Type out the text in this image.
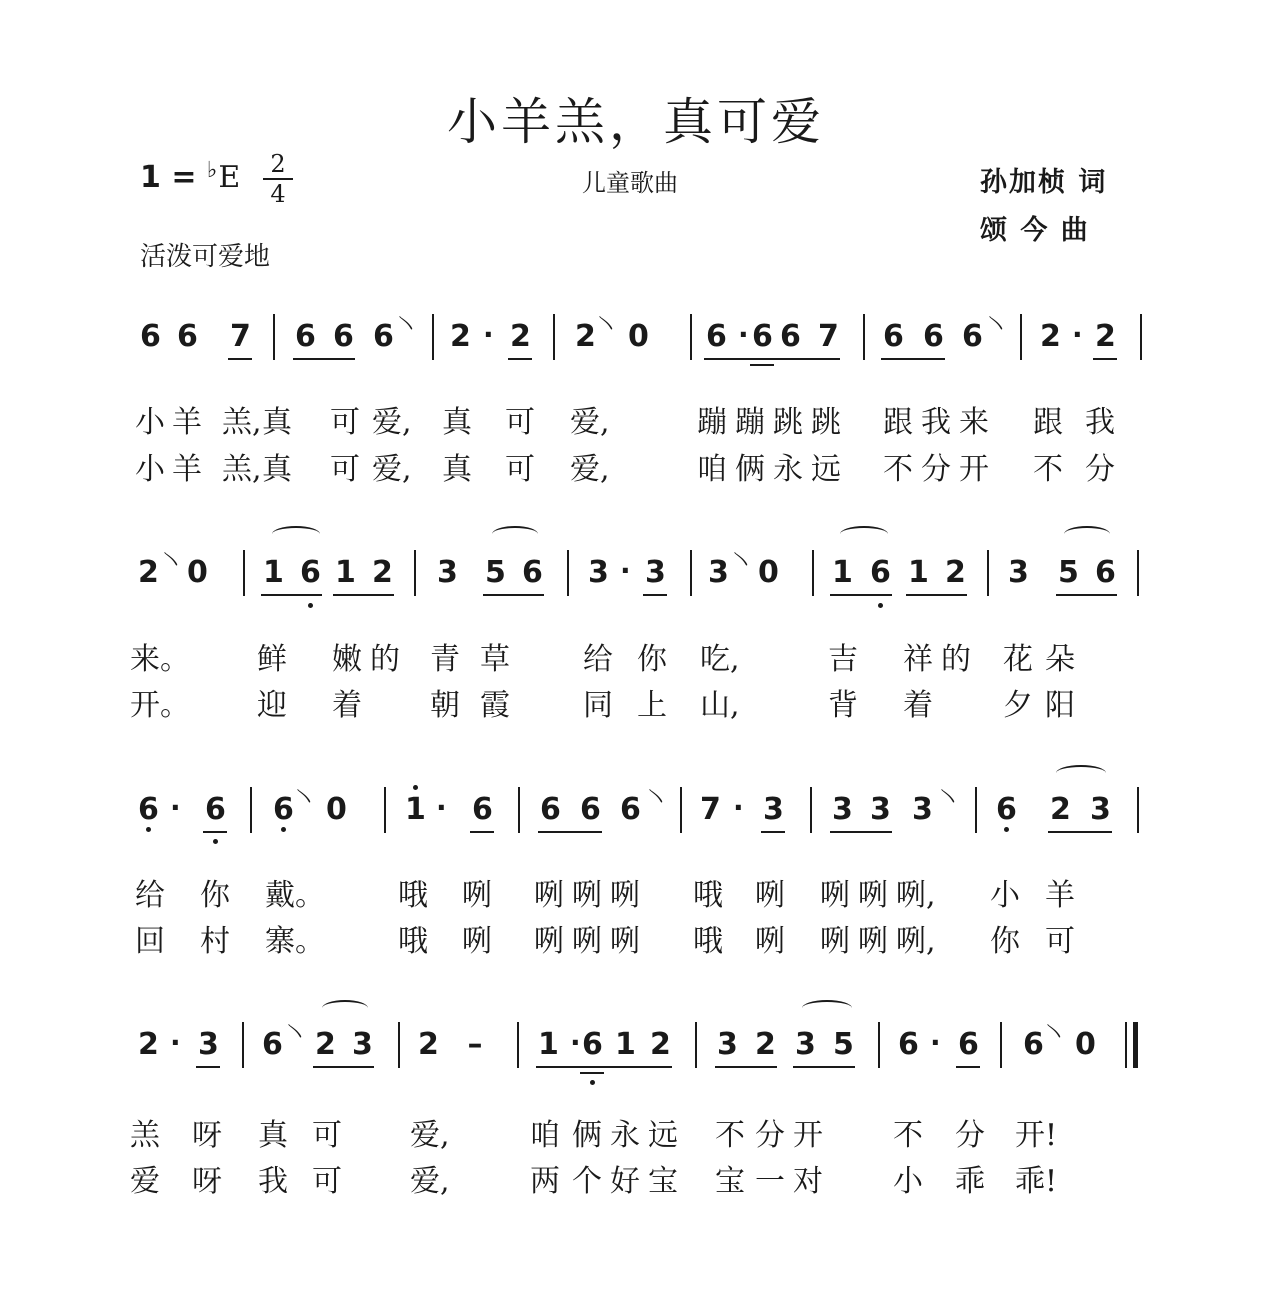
小羊羔，真可爱
1 = ♭E	2
4	儿童歌曲	孙加桢 词
颂 今 曲
活泼可爱地
6 6 7 6 6 6 〵 2 · 2 2 〵 0 6 · 6 6 7 6 6 6 〵 2 · 2
小 羊 羔, 真 可 爱, 真 可 爱,	蹦 蹦 跳 跳 跟 我 来 跟 我
小 羊 羔, 真 可 爱, 真 可 爱,	咱 俩 永 远 不 分 开 不 分
2 〵 0 1 6 1 2 3 5 6 3 · 3 3 〵 0 1 6 1 2 3 5 6
来。 鲜 嫩 的 青 草 给 你 吃,	吉 祥 的 花 朵
开。 迎 着 朝 霞 同 上 山,	背 着 夕 阳
6 · 6 6 〵 0 1 · 6 6 6 6 〵 7 · 3 3 3 3 〵 6 2 3
给 你 戴。 哦 咧 咧 咧 咧 哦 咧 咧 咧 咧, 小 羊
回 村 寨。 哦 咧 咧 咧 咧 哦 咧 咧 咧 咧, 你 可
2 · 3 6 〵 2 3 2 – 1 · 6 1 2 3 2 3 5 6 · 6 6 〵 0
羔 呀 真 可 爱,	咱 俩 永 远 不 分 开 不 分 开!
爱 呀 我 可 爱,	两 个 好 宝 宝 一 对 小 乖 乖!
